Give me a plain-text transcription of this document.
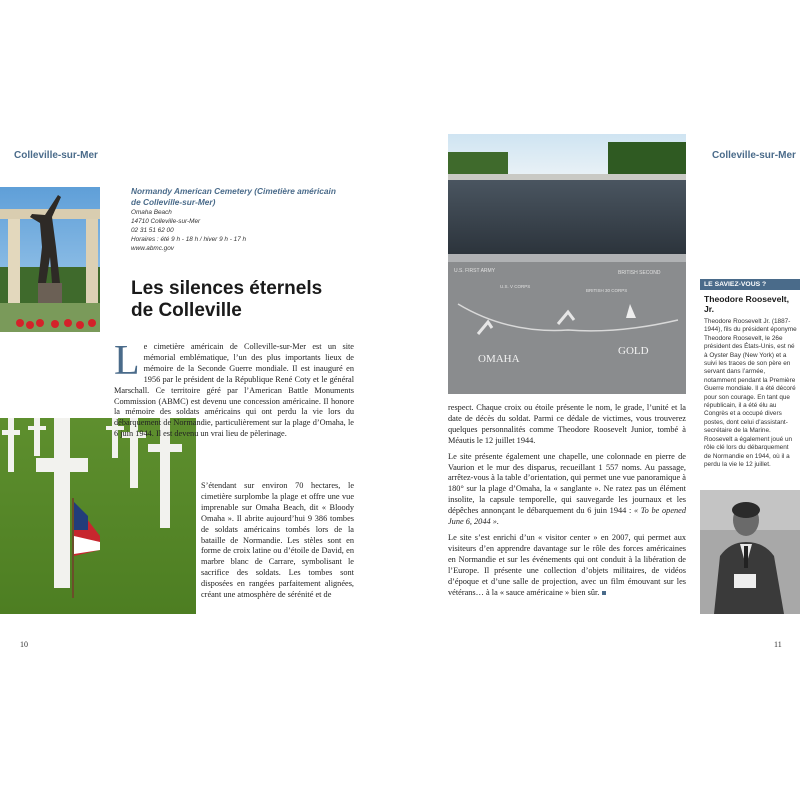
Colleville-sur-Mer
Normandy American Cemetery (Cimetière américain de Colleville-sur-Mer)
Omaha Beach
14710 Colleville-sur-Mer
02 31 51 62 00
Horaires : été 9 h - 18 h / hiver 9 h - 17 h
www.abmc.gov
Les silences éternels
de Colleville
L e cimetière américain de Colleville-sur-Mer est un site mémorial emblématique, l’un des plus importants lieux de mémoire de la Seconde Guerre mondiale. Il est inauguré en 1956 par le président de la République René Coty et le général Marschall. Ce territoire géré par l’American Battle Monuments Commission (ABMC) est devenu une concession américaine. Il honore la mémoire des soldats américains qui ont perdu la vie lors du débarquement de Normandie, particulièrement sur la plage d’Omaha, le 6 juin 1944. Il est devenu un vrai lieu de pèlerinage.

S’étendant sur environ 70 hectares, le cimetière surplombe la plage et offre une vue imprenable sur Omaha Beach, dit « Bloody Omaha ». Il abrite aujourd’hui 9 386 tombes de soldats américains tombés lors de la bataille de Normandie. Les stèles sont en forme de croix latine ou d’étoile de David, en marbre blanc de Carrare, symbolisant le sacrifice des soldats. Les tombes sont disposées en rangées parfaitement alignées, créant une atmosphère de sérénité et de

10
Colleville-sur-Mer
U.S. FIRST ARMY	BRITISH SECOND
U.S. V CORPS
BRITISH 30 CORPS
OMAHA
GOLD

respect. Chaque croix ou étoile présente le nom, le grade, l’unité et la date de décès du soldat. Parmi ce dédale de victimes, vous trouverez quelques personnalités comme Theodore Roosevelt Junior, tombé à Méautis le 12 juillet 1944.

Le site présente également une chapelle, une colonnade en pierre de Vaurion et le mur des disparus, recueillant 1 557 noms. Au passage, arrêtez-vous à la table d’orientation, qui permet une vue panoramique à 180° sur la plage d’Omaha, la « sanglante ». Ne ratez pas un élément insolite, la capsule temporelle, qui sauvegarde les journaux et les dépêches annonçant le débarquement du 6 juin 1944 : « To be opened June 6, 2044 ».

Le site s’est enrichi d’un « visitor center » en 2007, qui permet aux visiteurs d’en apprendre davantage sur le rôle des forces américaines en Normandie et sur les événements qui ont conduit à la libération de l’Europe. Il présente une collection d’objets militaires, de vidéos d’époque et d’une salle de projection, avec un film émouvant sur les vétérans… à la « sauce américaine » bien sûr.

LE SAVIEZ-VOUS ?
Theodore Roosevelt, Jr.
Theodore Roosevelt Jr. (1887-1944), fils du président éponyme Theodore Roosevelt, le 26e président des États-Unis, est né à Oyster Bay (New York) et a suivi les traces de son père en servant dans l’armée, notamment pendant la Première Guerre mondiale. Il a été décoré pour son courage. En tant que républicain, il a été élu au Congrès et a occupé divers postes, dont celui d’assistant-secrétaire de la Marine. Roosevelt a également joué un rôle clé lors du débarquement de Normandie en 1944, où il a perdu la vie le 12 juillet.
11
